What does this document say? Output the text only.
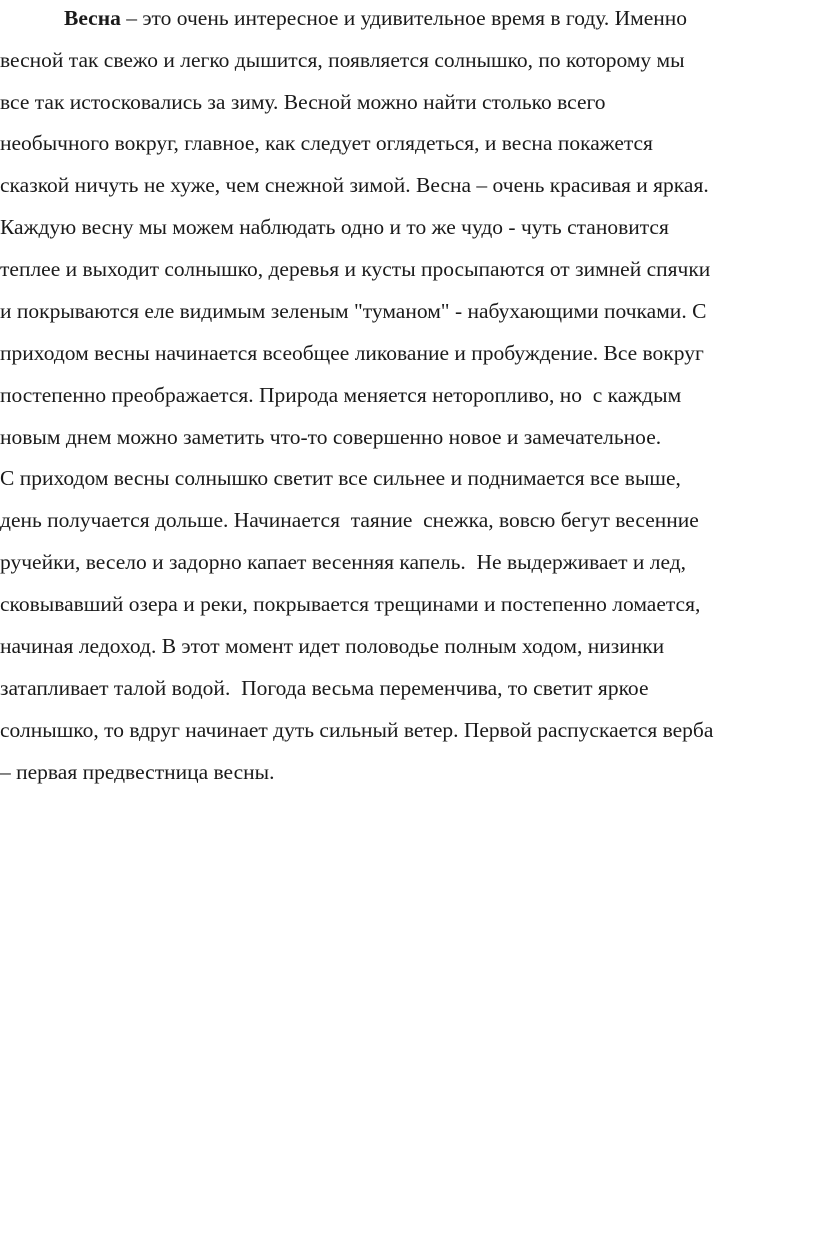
Весна – это очень интересное и удивительное время в году. Именно
весной так свежо и легко дышится, появляется солнышко, по которому мы
все так истосковались за зиму. Весной можно найти столько всего
необычного вокруг, главное, как следует оглядеться, и весна покажется
сказкой ничуть не хуже, чем снежной зимой. Весна – очень красивая и яркая.
Каждую весну мы можем наблюдать одно и то же чудо - чуть становится
теплее и выходит солнышко, деревья и кусты просыпаются от зимней спячки
и покрываются еле видимым зеленым "туманом" - набухающими почками. С
приходом весны начинается всеобщее ликование и пробуждение. Все вокруг
постепенно преображается. Природа меняется неторопливо, но  с каждым
новым днем можно заметить что-то совершенно новое и замечательное.
С приходом весны солнышко светит все сильнее и поднимается все выше,
день получается дольше. Начинается  таяние  снежка, вовсю бегут весенние
ручейки, весело и задорно капает весенняя капель.  Не выдерживает и лед,
сковывавший озера и реки, покрывается трещинами и постепенно ломается,
начиная ледоход. В этот момент идет половодье полным ходом, низинки
затапливает талой водой.  Погода весьма переменчива, то светит яркое
солнышко, то вдруг начинает дуть сильный ветер. Первой распускается верба
– первая предвестница весны.
